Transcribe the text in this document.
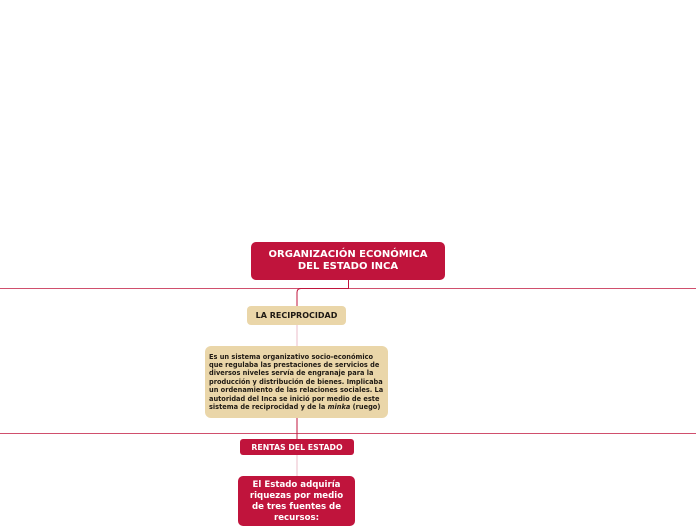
ORGANIZACIÓN ECONÓMICA DEL ESTADO INCA
LA RECIPROCIDAD

Es un sistema organizativo socio-económico que regulaba las prestaciones de servicios de diversos niveles servía de engranaje para la producción y distribución de bienes. Implicaba un ordenamiento de las relaciones sociales. La autoridad del Inca se inició por medio de este sistema de reciprocidad y de la minka (ruego)

RENTAS DEL ESTADO
El Estado adquiría riquezas por medio de tres fuentes de recursos:
